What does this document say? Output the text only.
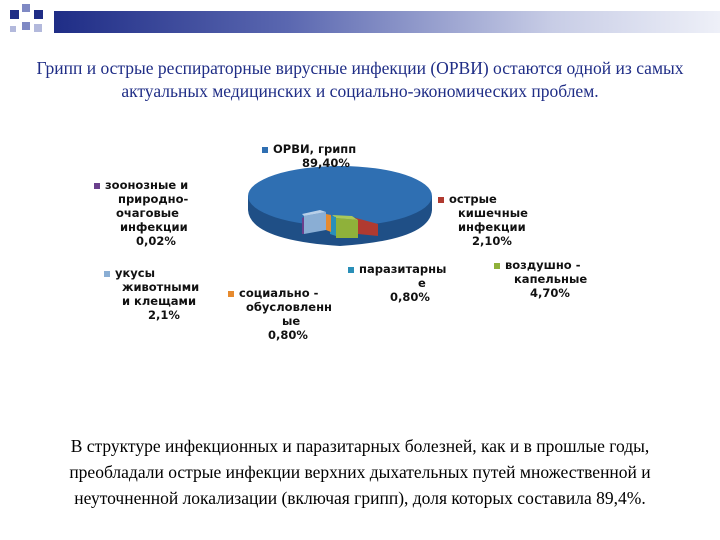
Грипп и острые респираторные вирусные инфекции (ОРВИ) остаются одной из самых актуальных медицинских и социально-экономических проблем.
ОРВИ, грипп
89,40%
зоонозные и
природно-
очаговые
инфекции
0,02%
острые
кишечные
инфекции
2,10%
укусы
животными
и клещами
2,1%
социально -
обусловленн
ые
0,80%
паразитарны
е
0,80%
воздушно -
капельные
4,70%
В структуре инфекционных и паразитарных болезней, как и в прошлые годы, преобладали острые инфекции верхних дыхательных путей множественной и неуточненной локализации (включая грипп), доля которых составила 89,4%.
